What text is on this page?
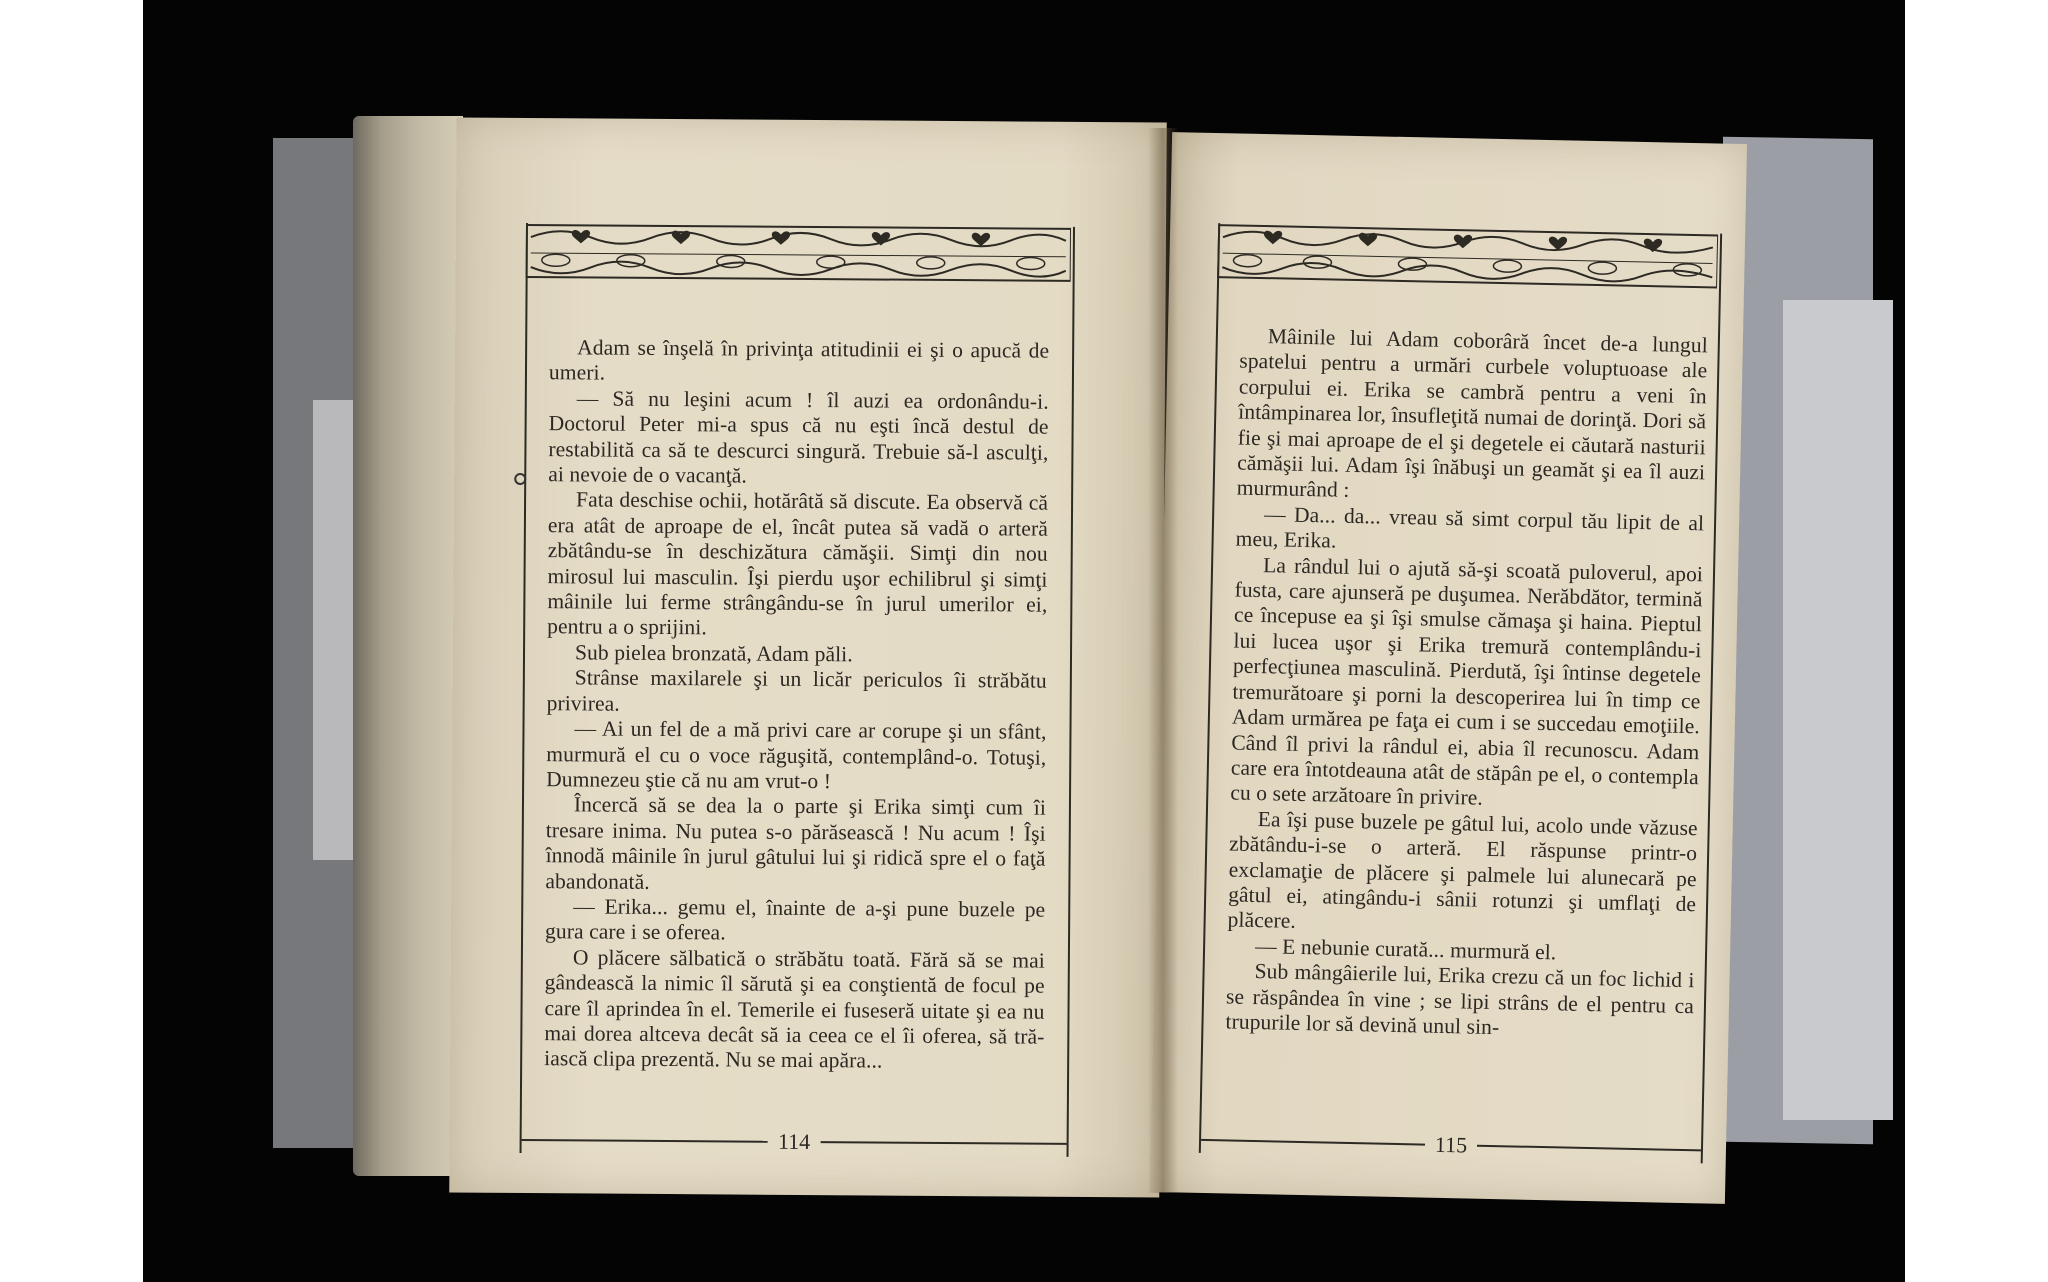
Adam se înşelă în privinţa atitudinii ei şi o apucă de umeri.

— Să nu leşini acum ! îl auzi ea ordonându-i. Doctorul Peter mi-a spus că nu eşti încă destul de restabilită ca să te descurci singură. Trebuie să-l asculţi, ai nevoie de o vacanţă.

Fata deschise ochii, hotărâtă să discute. Ea observă că era atât de aproape de el, încât putea să vadă o arteră zbătându-se în deschizătura cămăşii. Simţi din nou mirosul lui masculin. Îşi pierdu uşor echilibrul şi simţi mâinile lui ferme strângându-se în jurul umerilor ei, pentru a o sprijini.

Sub pielea bronzată, Adam păli.

Strânse maxilarele şi un licăr periculos îi străbătu privirea.

— Ai un fel de a mă privi care ar corupe şi un sfânt, murmură el cu o voce răguşită, contemplând-o. Totuşi, Dumnezeu ştie că nu am vrut-o !

Încercă să se dea la o parte şi Erika simţi cum îi tresare inima. Nu putea s-o părăsească ! Nu acum ! Îşi înnodă mâinile în jurul gâtului lui şi ridică spre el o faţă abandonată.

— Erika... gemu el, înainte de a-şi pune buzele pe gura care i se oferea.

O plăcere sălbatică o străbătu toată. Fără să se mai gândească la nimic îl sărută şi ea conştientă de focul pe care îl aprindea în el. Temerile ei fuseseră uitate şi ea nu mai dorea altceva decât să ia ceea ce el îi oferea, să trăiască clipa prezentă. Nu se mai apăra...

114

Mâinile lui Adam coborâră încet de-a lungul spatelui pentru a urmări curbele voluptuoase ale corpului ei. Erika se cambră pentru a veni în întâmpinarea lor, însufleţită numai de dorinţă. Dori să fie şi mai aproape de el şi degetele ei căutară nasturii cămăşii lui. Adam îşi înăbuşi un geamăt şi ea îl auzi murmurând :

— Da... da... vreau să simt corpul tău lipit de al meu, Erika.

La rândul lui o ajută să-şi scoată puloverul, apoi fusta, care ajunseră pe duşumea. Nerăbdător, termină ce începuse ea şi îşi smulse cămaşa şi haina. Pieptul lui lucea uşor şi Erika tremură contemplându-i perfecţiunea masculină. Pierdută, îşi întinse degetele tremurătoare şi porni la descoperirea lui în timp ce Adam urmărea pe faţa ei cum i se succedau emoţiile. Când îl privi la rândul ei, abia îl recunoscu. Adam care era întotdeauna atât de stăpân pe el, o contempla cu o sete arzătoare în privire.

Ea îşi puse buzele pe gâtul lui, acolo unde văzuse zbătându-i-se o arteră. El răspunse printr-o exclamaţie de plăcere şi palmele lui alunecară pe gâtul ei, atingându-i sânii rotunzi şi umflaţi de plăcere.

— E nebunie curată... murmură el.

Sub mângâierile lui, Erika crezu că un foc lichid i se răspândea în vine ; se lipi strâns de el pentru ca trupurile lor să devină unul sin-

115
